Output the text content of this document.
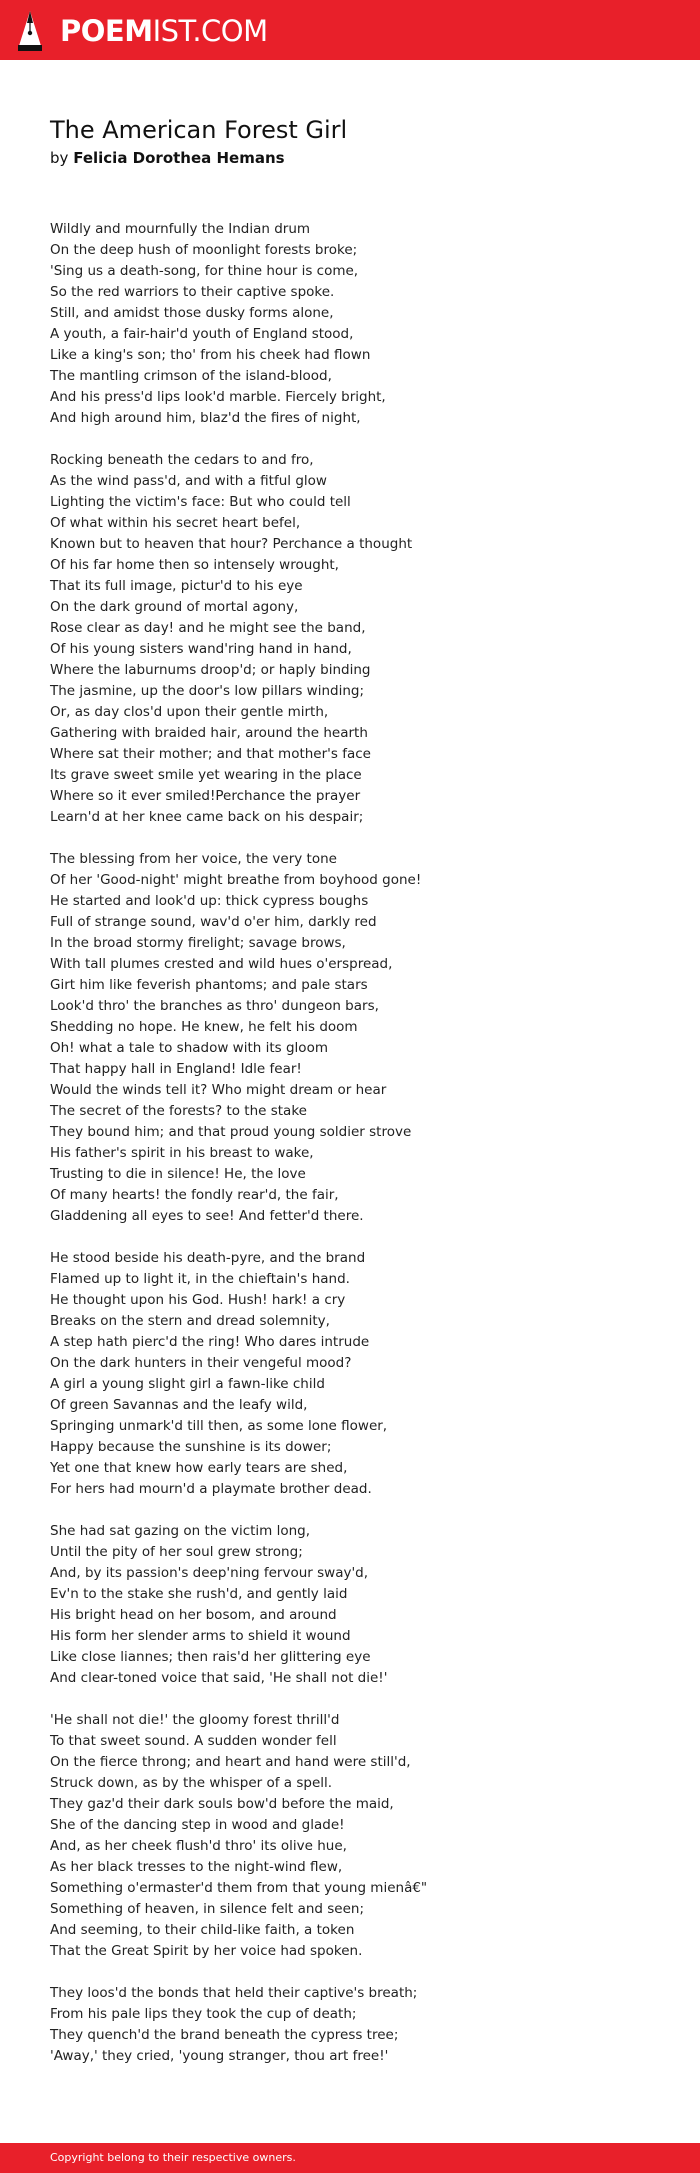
POEMIST.COM
The American Forest Girl
by Felicia Dorothea Hemans
Wildly and mournfully the Indian drum
On the deep hush of moonlight forests broke;
'Sing us a death-song, for thine hour is come,
So the red warriors to their captive spoke.
Still, and amidst those dusky forms alone,
A youth, a fair-hair'd youth of England stood,
Like a king's son; tho' from his cheek had flown
The mantling crimson of the island-blood,
And his press'd lips look'd marble. Fiercely bright,
And high around him, blaz'd the fires of night,
Rocking beneath the cedars to and fro,
As the wind pass'd, and with a fitful glow
Lighting the victim's face: But who could tell
Of what within his secret heart befel,
Known but to heaven that hour? Perchance a thought
Of his far home then so intensely wrought,
That its full image, pictur'd to his eye
On the dark ground of mortal agony,
Rose clear as day! and he might see the band,
Of his young sisters wand'ring hand in hand,
Where the laburnums droop'd; or haply binding
The jasmine, up the door's low pillars winding;
Or, as day clos'd upon their gentle mirth,
Gathering with braided hair, around the hearth
Where sat their mother; and that mother's face
Its grave sweet smile yet wearing in the place
Where so it ever smiled!Perchance the prayer
Learn'd at her knee came back on his despair;
The blessing from her voice, the very tone
Of her 'Good-night' might breathe from boyhood gone!
He started and look'd up: thick cypress boughs
Full of strange sound, wav'd o'er him, darkly red
In the broad stormy firelight; savage brows,
With tall plumes crested and wild hues o'erspread,
Girt him like feverish phantoms; and pale stars
Look'd thro' the branches as thro' dungeon bars,
Shedding no hope. He knew, he felt his doom
Oh! what a tale to shadow with its gloom
That happy hall in England! Idle fear!
Would the winds tell it? Who might dream or hear
The secret of the forests? to the stake
They bound him; and that proud young soldier strove
His father's spirit in his breast to wake,
Trusting to die in silence! He, the love
Of many hearts! the fondly rear'd, the fair,
Gladdening all eyes to see! And fetter'd there.
He stood beside his death-pyre, and the brand
Flamed up to light it, in the chieftain's hand.
He thought upon his God. Hush! hark! a cry
Breaks on the stern and dread solemnity,
A step hath pierc'd the ring! Who dares intrude
On the dark hunters in their vengeful mood?
A girl a young slight girl a fawn-like child
Of green Savannas and the leafy wild,
Springing unmark'd till then, as some lone flower,
Happy because the sunshine is its dower;
Yet one that knew how early tears are shed,
For hers had mourn'd a playmate brother dead.
She had sat gazing on the victim long,
Until the pity of her soul grew strong;
And, by its passion's deep'ning fervour sway'd,
Ev'n to the stake she rush'd, and gently laid
His bright head on her bosom, and around
His form her slender arms to shield it wound
Like close liannes; then rais'd her glittering eye
And clear-toned voice that said, 'He shall not die!'
'He shall not die!' the gloomy forest thrill'd
To that sweet sound. A sudden wonder fell
On the fierce throng; and heart and hand were still'd,
Struck down, as by the whisper of a spell.
They gaz'd their dark souls bow'd before the maid,
She of the dancing step in wood and glade!
And, as her cheek flush'd thro' its olive hue,
As her black tresses to the night-wind flew,
Something o'ermaster'd them from that young mienâ€"
Something of heaven, in silence felt and seen;
And seeming, to their child-like faith, a token
That the Great Spirit by her voice had spoken.
They loos'd the bonds that held their captive's breath;
From his pale lips they took the cup of death;
They quench'd the brand beneath the cypress tree;
'Away,' they cried, 'young stranger, thou art free!'
Copyright belong to their respective owners.
